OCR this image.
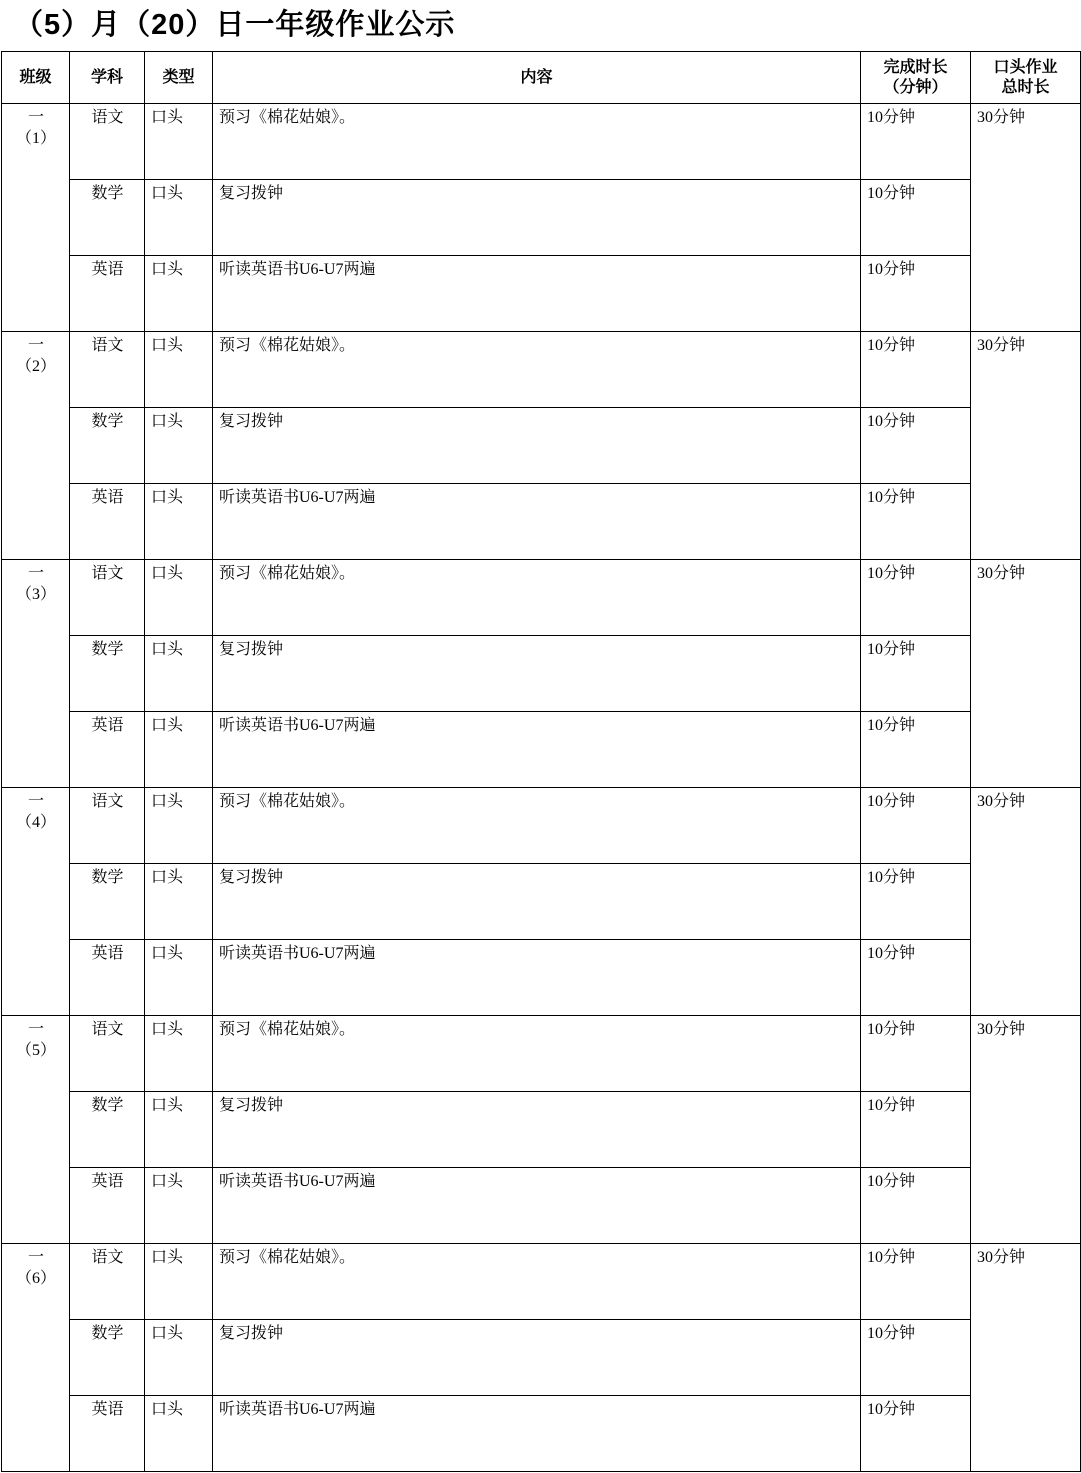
（5）月（20）日一年级作业公示
班级	学科	类型	内容	完成时长
（分钟）	口头作业
总时长

一
（1）	语文	口头	预习《棉花姑娘》。	10分钟	30分钟
	数学	口头	复习拨钟	10分钟	
	英语	口头	听读英语书U6-U7两遍	10分钟	

一
（2）	语文	口头	预习《棉花姑娘》。	10分钟	30分钟
	数学	口头	复习拨钟	10分钟	
	英语	口头	听读英语书U6-U7两遍	10分钟	

一
（3）	语文	口头	预习《棉花姑娘》。	10分钟	30分钟
	数学	口头	复习拨钟	10分钟	
	英语	口头	听读英语书U6-U7两遍	10分钟	

一
（4）	语文	口头	预习《棉花姑娘》。	10分钟	30分钟
	数学	口头	复习拨钟	10分钟	
	英语	口头	听读英语书U6-U7两遍	10分钟	

一
（5）	语文	口头	预习《棉花姑娘》。	10分钟	30分钟
	数学	口头	复习拨钟	10分钟	
	英语	口头	听读英语书U6-U7两遍	10分钟	

一
（6）	语文	口头	预习《棉花姑娘》。	10分钟	30分钟
	数学	口头	复习拨钟	10分钟	
	英语	口头	听读英语书U6-U7两遍	10分钟	
